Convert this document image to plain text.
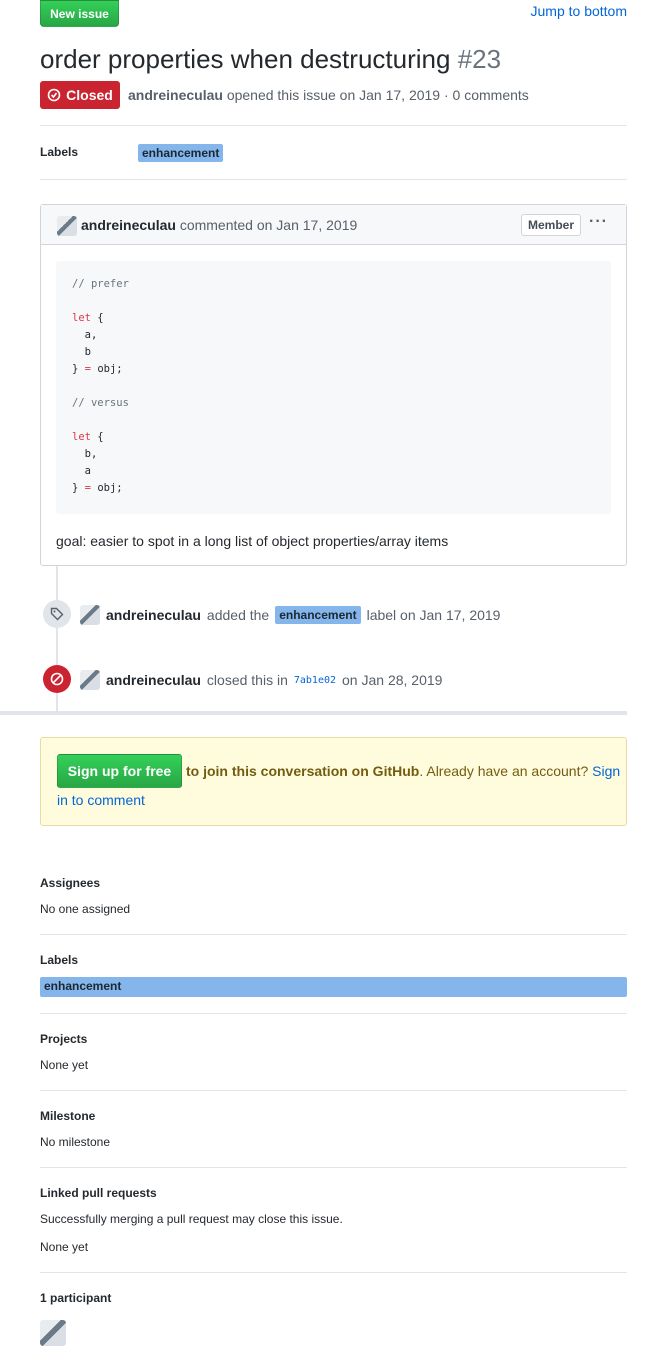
New issue	Jump to bottom
order properties when destructuring #23
Closed andreineculau opened this issue on Jan 17, 2019 · 0 comments
Labels	enhancement
andreineculau commented on Jan 17, 2019	Member ···
// prefer

let {
a,
b
} = obj;

// versus

let {
b,
a
} = obj;
goal: easier to spot in a long list of object properties/array items
andreineculau added the enhancement label on Jan 17, 2019
andreineculau closed this in 7ab1e02 on Jan 28, 2019
Sign up for free	to join this conversation on GitHub. Already have an account? Sign
in to comment
Assignees
No one assigned
Labels
enhancement
Projects
None yet
Milestone
No milestone
Linked pull requests
Successfully merging a pull request may close this issue.
None yet
1 participant
